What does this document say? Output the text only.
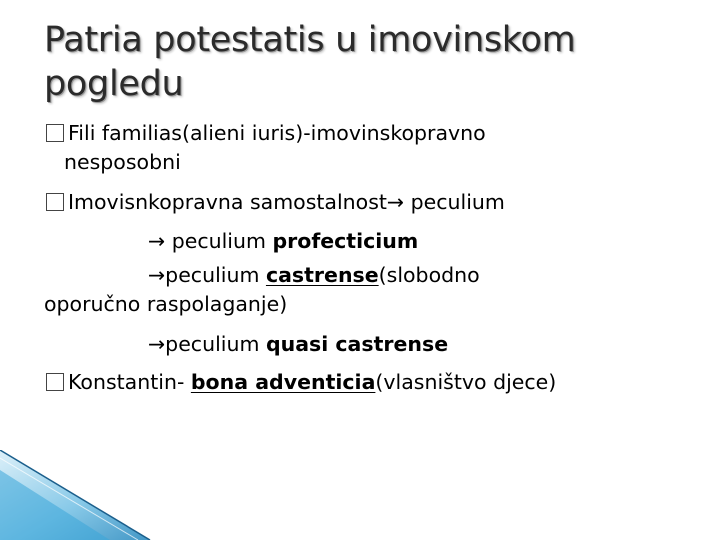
Patria potestatis u imovinskom
pogledu
Fili familias(alieni iuris)-imovinskopravno
nesposobni
Imovisnkopravna samostalnost→ peculium
→ peculium profecticium
→peculium castrense(slobodno
oporučno raspolaganje)
→peculium quasi castrense
Konstantin- bona adventicia(vlasništvo djece)
